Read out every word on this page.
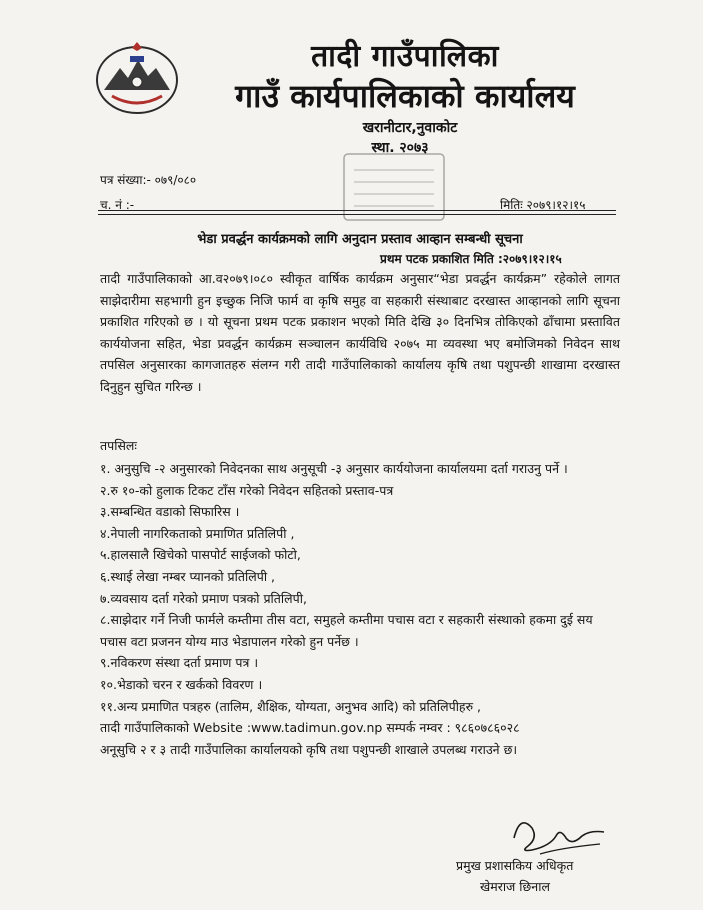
तादी गाउँपालिका
गाउँ कार्यपालिकाको कार्यालय
खरानीटार,नुवाकोट
स्था. २०७३
पत्र संख्या:- ०७९/०८०
च. नं :-	मितिः २०७९।१२।१५
भेडा प्रवर्द्धन कार्यक्रमको लागि अनुदान प्रस्ताव आव्हान सम्बन्धी सूचना
प्रथम पटक प्रकाशित मिति :२०७९।१२।१५

तादी गाउँपालिकाको आ.व२०७९।०८० स्वीकृत वार्षिक कार्यक्रम अनुसार“भेडा प्रवर्द्धन कार्यक्रम” रहेकोले लागत साझेदारीमा सहभागी हुन इच्छुक निजि फार्म वा कृषि समुह वा सहकारी संस्थाबाट दरखास्त आव्हानको लागि सूचना प्रकाशित गरिएको छ । यो सूचना प्रथम पटक प्रकाशन भएको मिति देखि ३० दिनभित्र तोकिएको ढाँचामा प्रस्तावित कार्ययोजना सहित, भेडा प्रवर्द्धन कार्यक्रम सञ्चालन कार्यविधि २०७५ मा व्यवस्था भए बमोजिमको निवेदन साथ तपसिल अनुसारका कागजातहरु संलग्न गरी तादी गाउँपालिकाको कार्यालय कृषि तथा पशुपन्छी शाखामा दरखास्त दिनुहुन सुचित गरिन्छ ।

तपसिलः
१. अनुसुचि -२ अनुसारको निवेदनका साथ अनुसूची -३ अनुसार कार्ययोजना कार्यालयमा दर्ता गराउनु पर्ने ।
२.रु १०-को हुलाक टिकट टाँस गरेको निवेदन सहितको प्रस्ताव-पत्र
३.सम्बन्धित वडाको सिफारिस ।
४.नेपाली नागरिकताको प्रमाणित प्रतिलिपी ,
५.हालसालै खिचेको पासपोर्ट साईजको फोटो,
६.स्थाई लेखा नम्बर प्यानको प्रतिलिपी ,
७.व्यवसाय दर्ता गरेको प्रमाण पत्रको प्रतिलिपी,
८.साझेदार गर्ने निजी फार्मले कम्तीमा तीस वटा, समुहले कम्तीमा पचास वटा र सहकारी संस्थाको हकमा दुई सय पचास वटा प्रजनन योग्य माउ भेडापालन गरेको हुन पर्नेछ ।
९.नविकरण संस्था दर्ता प्रमाण पत्र ।
१०.भेडाको चरन र खर्कको विवरण ।
११.अन्य प्रमाणित पत्रहरु (तालिम, शैक्षिक, योग्यता, अनुभव आदि) को प्रतिलिपीहरु ,
तादी गाउँपालिकाको Website :www.tadimun.gov.np सम्पर्क नम्वर : ९८६०७८६०२८
अनूसुचि २ र ३ तादी गाउँपालिका कार्यालयको कृषि तथा पशुपन्छी शाखाले उपलब्ध गराउने छ।
प्रमुख प्रशासकिय अधिकृत
खेमराज छिनाल
